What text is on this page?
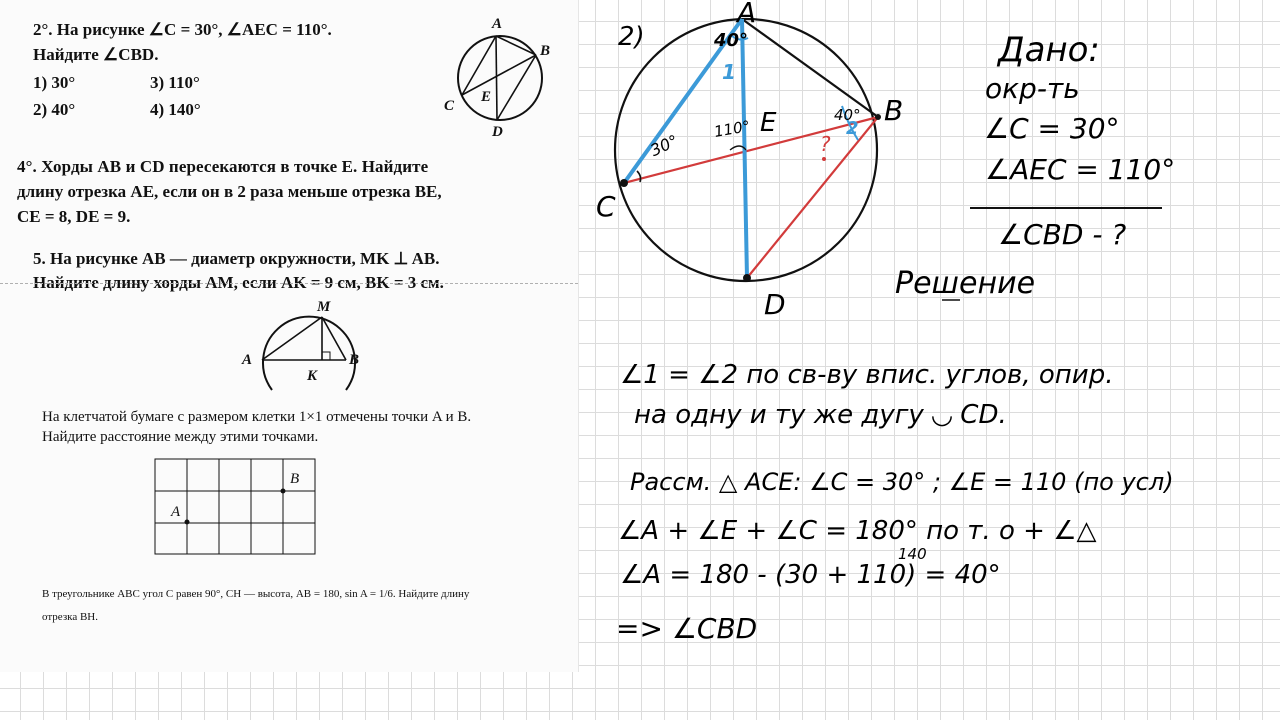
2°. На рисунке ∠C = 30°, ∠AEC = 110°.
Найдите ∠CBD.
1) 30°	3) 110°
2) 40°	4) 140°
A
B
C
E
D
4°. Хорды AB и CD пересекаются в точке E. Найдите
длину отрезка AE, если он в 2 раза меньше отрезка BE,
CE = 8, DE = 9.
5. На рисунке AB — диаметр окружности, MK ⊥ AB.
Найдите длину хорды AM, если AK = 9 см, BK = 3 см.
M
A	B
K
На клетчатой бумаге с размером клетки 1×1 отмечены точки A и B.
Найдите расстояние между этими точками.
A
B
В треугольнике ABC угол C равен 90°, CH — высота, AB = 180, sin A = 1/6. Найдите длину
отрезка BH.
2)
A
B
C
D
E
40°
1
30°
110°
40°
2
?
Дано:
окр-ть
∠C = 30°
∠AEC = 110°
∠CBD - ?
Решение
∠1 = ∠2 по св-ву впис. углов, опир.
на одну и ту же дугу ◡ CD.
Рассм. △ ACE: ∠C = 30° ; ∠E = 110 (по усл)
∠A + ∠E + ∠C = 180° по т. о + ∠△
140
∠A = 180 - (30 + 110) = 40°
=> ∠CBD
